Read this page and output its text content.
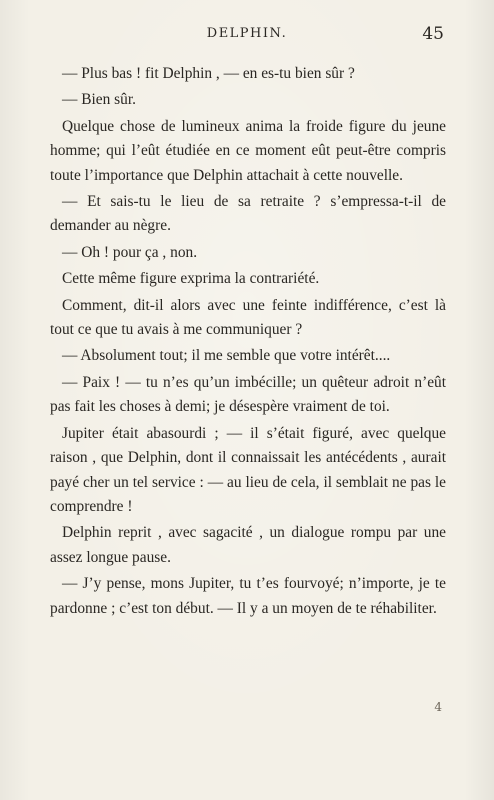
DELPHIN.	45

— Plus bas ! fit Delphin , — en es-tu bien sûr ?

— Bien sûr.

Quelque chose de lumineux anima la froide figure du jeune homme; qui l’eût étudiée en ce moment eût peut-être compris toute l’importance que Delphin attachait à cette nouvelle.

— Et sais-tu le lieu de sa retraite ? s’empressa-t-il de demander au nègre.

— Oh ! pour ça , non.

Cette même figure exprima la contrariété.

Comment, dit-il alors avec une feinte indifférence, c’est là tout ce que tu avais à me communiquer ?

— Absolument tout; il me semble que votre intérêt....

— Paix ! — tu n’es qu’un imbécille; un quêteur adroit n’eût pas fait les choses à demi; je désespère vraiment de toi.

Jupiter était abasourdi ; — il s’était figuré, avec quelque raison , que Delphin, dont il connaissait les antécédents , aurait payé cher un tel service : — au lieu de cela, il semblait ne pas le comprendre !

Delphin reprit , avec sagacité , un dialogue rompu par une assez longue pause.

— J’y pense, mons Jupiter, tu t’es fourvoyé; n’importe, je te pardonne ; c’est ton début. — Il y a un moyen de te réhabiliter.

4
